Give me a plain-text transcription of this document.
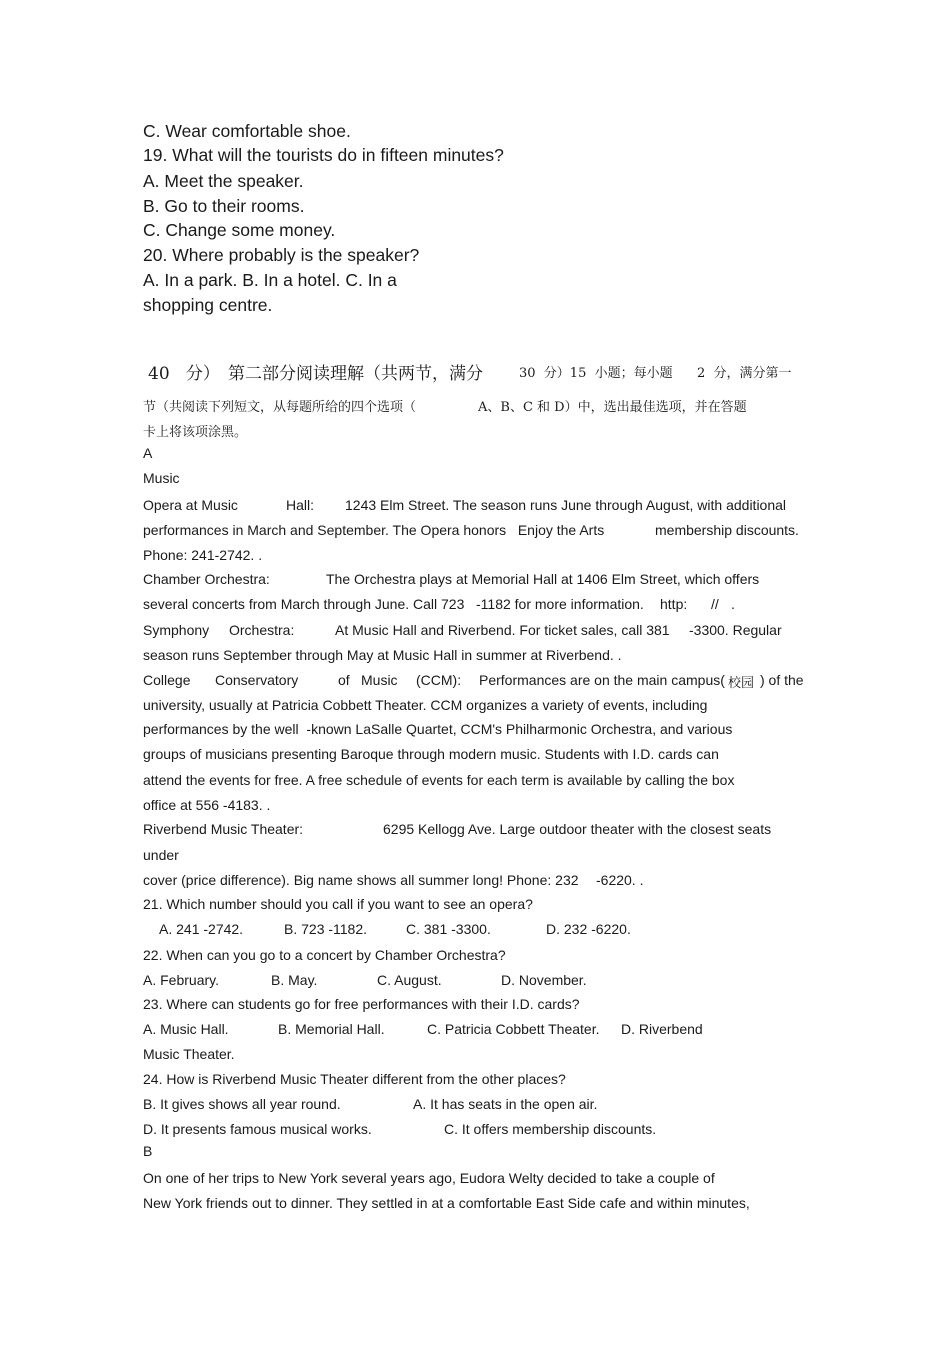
C. Wear comfortable shoe.
19. What will the tourists do in fifteen minutes?
A. Meet the speaker.
B. Go to their rooms.
C. Change some money.
20. Where probably is the speaker?
A. In a park. B. In a hotel. C. In a
shopping centre.
40   分） 第二部分阅读理解（共两节，满分	30  分）15  小题；每小题 2  分，满分第一
节（共阅读下列短文，从每题所给的四个选项（	A、B、C 和 D）中，选出最佳选项，并在答题
卡上将该项涂黑。
A
Music
Opera at Music	Hall: 1243 Elm Street. The season runs June through August, with additional
performances in March and September. The Opera honors   Enjoy the Arts	membership discounts.
Phone: 241-2742. .
Chamber Orchestra:	The Orchestra plays at Memorial Hall at 1406 Elm Street, which offers
several concerts from March through June. Call 723 -1182 for more information. http: // .
Symphony Orchestra:	At Music Hall and Riverbend. For ticket sales, call 381 -3300. Regular
season runs September through May at Music Hall in summer at Riverbend. .
College Conservatory	of Music (CCM): Performances are on the main campus( 校园 ) of the
university, usually at Patricia Cobbett Theater. CCM organizes a variety of events, including
performances by the well  -known LaSalle Quartet, CCM's Philharmonic Orchestra, and various
groups of musicians presenting Baroque through modern music. Students with I.D. cards can
attend the events for free. A free schedule of events for each term is available by calling the box
office at 556 -4183. .
Riverbend Music Theater:	6295 Kellogg Ave. Large outdoor theater with the closest seats
under
cover (price difference). Big name shows all summer long! Phone: 232 -6220. .
21. Which number should you call if you want to see an opera?
A. 241 -2742.	B. 723 -1182.	C. 381 -3300.	D. 232 -6220.
22. When can you go to a concert by Chamber Orchestra?
A. February.	B. May.	C. August.	D. November.
23. Where can students go for free performances with their I.D. cards?
A. Music Hall.	B. Memorial Hall.	C. Patricia Cobbett Theater. D. Riverbend
Music Theater.
24. How is Riverbend Music Theater different from the other places?
B. It gives shows all year round.	A. It has seats in the open air.
D. It presents famous musical works.	C. It offers membership discounts.
B
On one of her trips to New York several years ago, Eudora Welty decided to take a couple of
New York friends out to dinner. They settled in at a comfortable East Side cafe and within minutes,
